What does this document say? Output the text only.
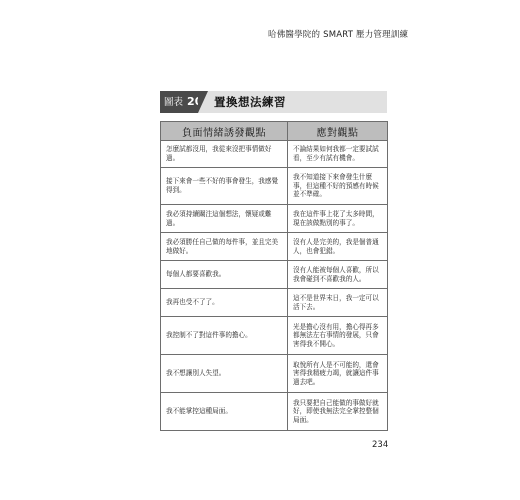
哈佛醫學院的 SMART 壓力管理訓練
圖表 20 置換想法練習
負面情緒誘發觀點	應對觀點
怎麼試都沒用，我從來沒把事情做好過。	不論結果如何我都一定要試試看，至少有試有機會。
接下來會一些不好的事會發生，我感覺得到。	我不知道接下來會發生什麼事，但這種不好的預感有時候並不準確。
我必須持續關注這個想法，懷疑或難過。	我在這件事上花了太多時間，現在該做點別的事了。
我必須勝任自己做的每件事，並且完美地做好。	沒有人是完美的，我是個普通人，也會犯錯。
每個人都要喜歡我。	沒有人能被每個人喜歡，所以我會碰到不喜歡我的人。
我再也受不了了。	這不是世界末日，我一定可以活下去。
我控制不了對這件事的擔心。	光是擔心沒有用，擔心得再多都無法左右事情的發展，只會害得我不開心。
我不想讓別人失望。	取悅所有人是不可能的，還會害得我精疲力竭，就讓這件事過去吧。
我不能掌控這種局面。	我只要把自己能做的事做好就好，即使我無法完全掌控整個局面。
234
